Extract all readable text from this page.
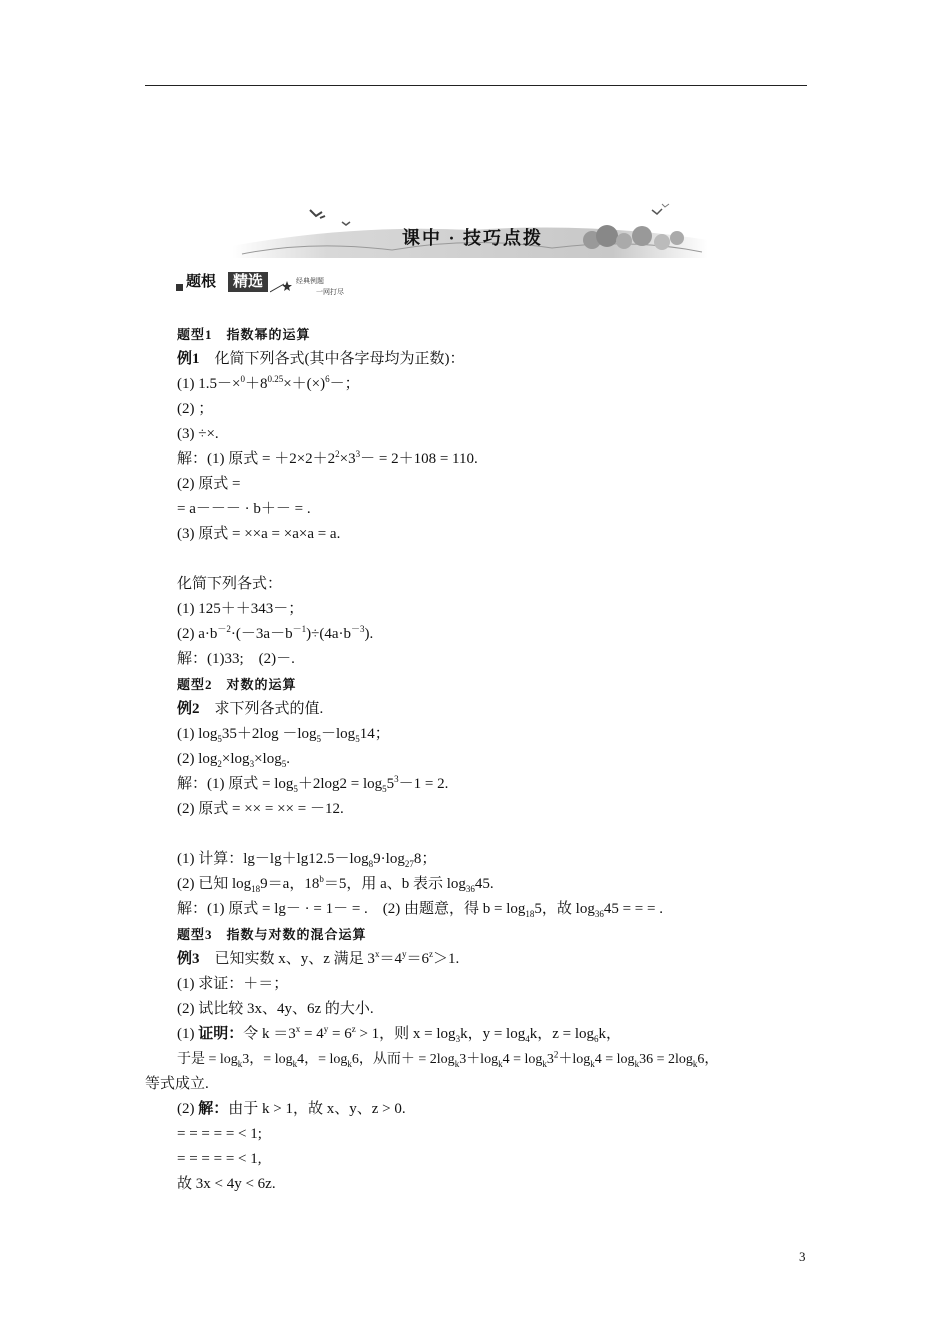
课中 · 技巧点拨
题根	精选	经典例题
一网打尽
题型1　指数幂的运算
例1　化简下列各式(其中各字母均为正数)：
(1) $1.5-\times^0+8^{0.25}\times+(\times)^6-$；
(2) ；
(3) ÷×.
解：(1) 原式 = $+2\times 2+2^2\times 3^3- = 2+108 = 110$.
(2) 原式 =
= a－－－ · b＋－ = .
(3) 原式 = ××a = ×a×a = a.
化简下列各式：
(1) 125＋＋343－；
(2) $a\cdot b^{-2}\cdot(-3a-b^{-1})\div(4a\cdot b^{-3})$.
解：(1)33;　(2)－.
题型2　对数的运算
例2　求下列各式的值.
(1) $\log_535+2\log -\log_5-\log_514$；
(2) $\log_2\times\log_3\times\log_5$.
解：(1) 原式 = $\log_5+2\log 2 = \log_55^3-1 = 2$.
(2) 原式 = ×× = ×× = －12.
(1) 计算：$\lg-\lg+\lg 12.5-\log_89\cdot\log_{27}8$；
(2) 已知 $\log_{18}9=a$，$18^b=5$，用 a、b 表示 $\log_{36}45$.
解：(1) 原式 = lg－ · = 1－ = .　(2) 由题意，得 $b = \log_{18}5$，故 $\log_{36}45$ = = = .
题型3　指数与对数的混合运算
例3　已知实数 x、y、z 满足 $3^x=4^y=6^z>1$.
(1) 求证：＋＝；
(2) 试比较 3x、4y、6z 的大小.
(1) 证明：令 $k =3^x = 4^y = 6^z > 1$，则 $x = \log_3k$，$y = \log_4k$，$z = \log_6k$，
于是 = $\log_k3$，= $\log_k4$，= $\log_k6$，从而＋ = $2\log_k3+\log_k4 = \log_k3^2+\log_k4 = \log_k36 = 2\log_k6$，
等式成立.
(2) 解：由于 k > 1，故 x、y、z > 0.
= = = = = < 1;
= = = = = < 1,
故 3x < 4y < 6z.
3
